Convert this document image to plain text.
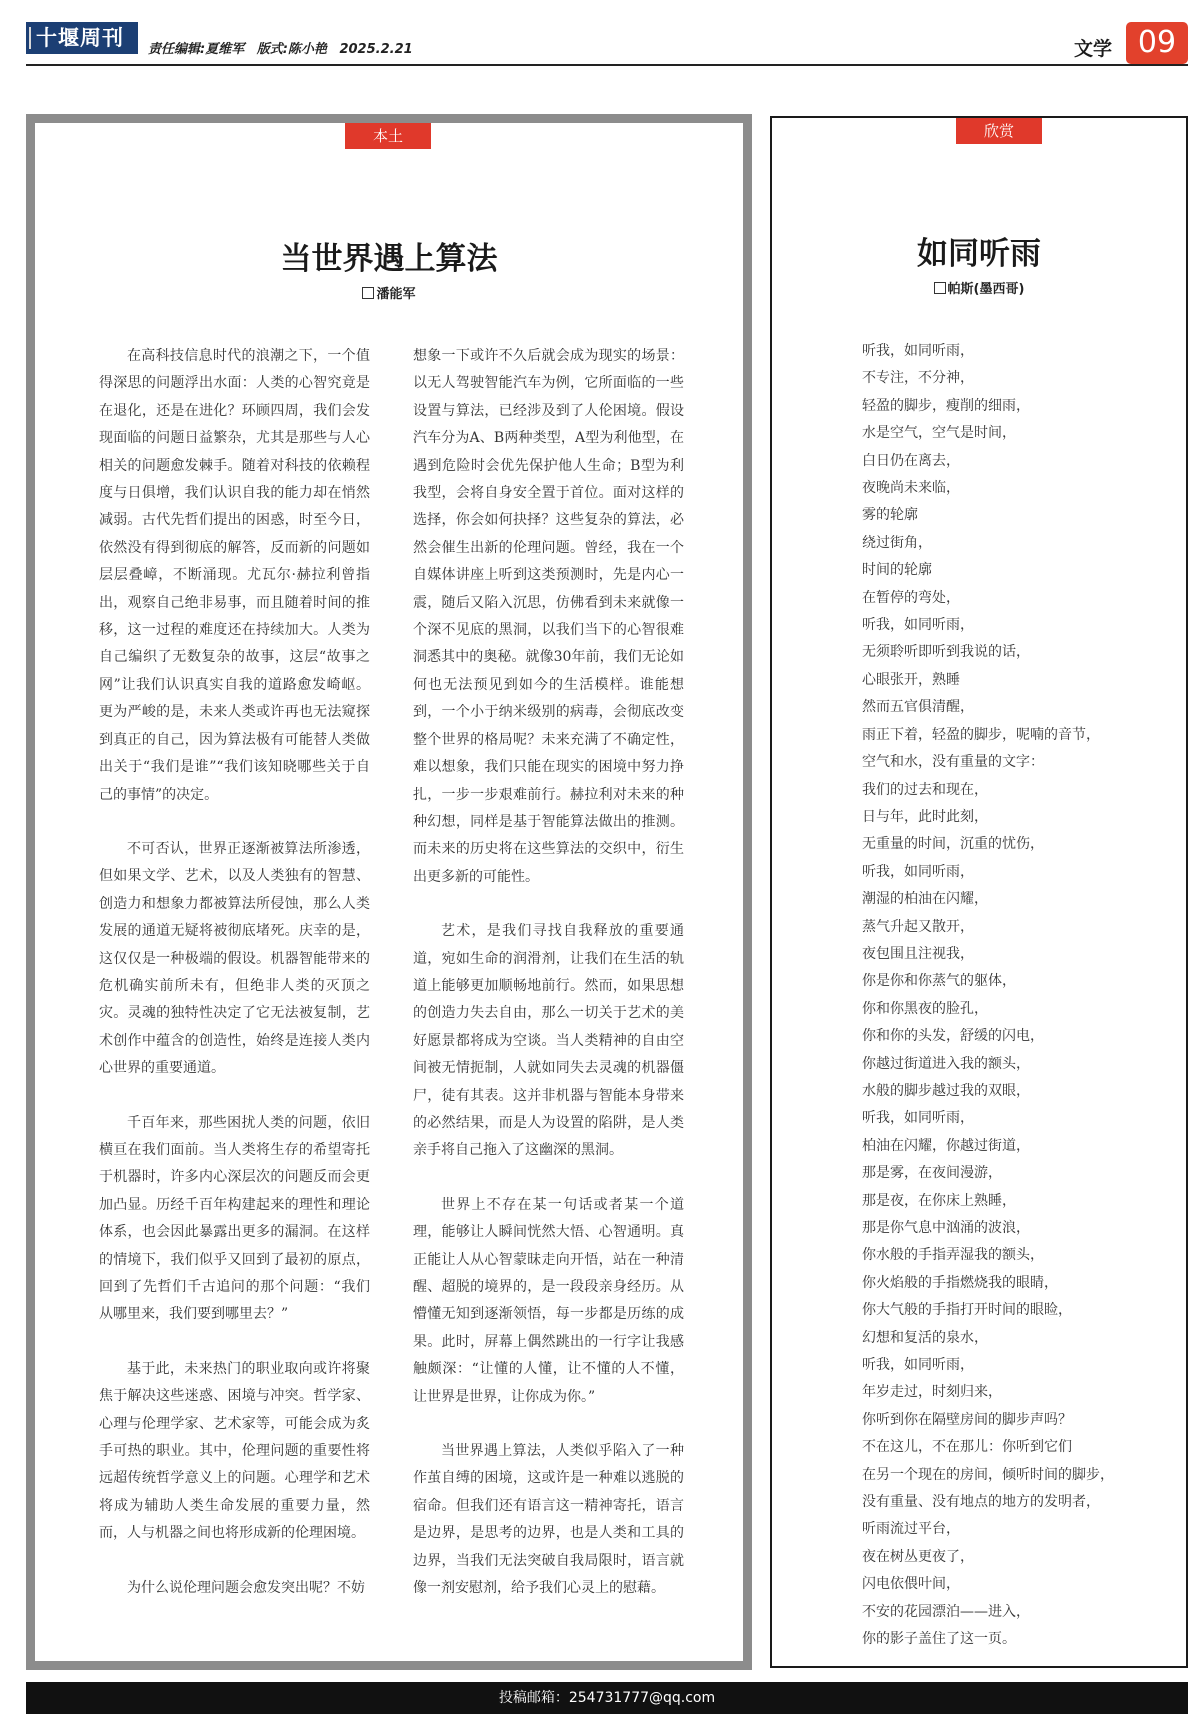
十堰周刊	责任编辑:夏维军 版式:陈小艳 2025.2.21	文学 09
本土
当世界遇上算法
潘能军

在高科技信息时代的浪潮之下，一个值得深思的问题浮出水面：人类的心智究竟是在退化，还是在进化？环顾四周，我们会发现面临的问题日益繁杂，尤其是那些与人心相关的问题愈发棘手。随着对科技的依赖程度与日俱增，我们认识自我的能力却在悄然减弱。古代先哲们提出的困惑，时至今日，依然没有得到彻底的解答，反而新的问题如层层叠嶂，不断涌现。尤瓦尔·赫拉利曾指出，观察自己绝非易事，而且随着时间的推移，这一过程的难度还在持续加大。人类为自己编织了无数复杂的故事，这层“故事之网”让我们认识真实自我的道路愈发崎岖。更为严峻的是，未来人类或许再也无法窥探到真正的自己，因为算法极有可能替人类做出关于“我们是谁”“我们该知晓哪些关于自己的事情”的决定。

不可否认，世界正逐渐被算法所渗透，但如果文学、艺术，以及人类独有的智慧、创造力和想象力都被算法所侵蚀，那么人类发展的通道无疑将被彻底堵死。庆幸的是，这仅仅是一种极端的假设。机器智能带来的危机确实前所未有，但绝非人类的灭顶之灾。灵魂的独特性决定了它无法被复制，艺术创作中蕴含的创造性，始终是连接人类内心世界的重要通道。

千百年来，那些困扰人类的问题，依旧横亘在我们面前。当人类将生存的希望寄托于机器时，许多内心深层次的问题反而会更加凸显。历经千百年构建起来的理性和理论体系，也会因此暴露出更多的漏洞。在这样的情境下，我们似乎又回到了最初的原点，回到了先哲们千古追问的那个问题：“我们从哪里来，我们要到哪里去？”

基于此，未来热门的职业取向或许将聚焦于解决这些迷惑、困境与冲突。哲学家、心理与伦理学家、艺术家等，可能会成为炙手可热的职业。其中，伦理问题的重要性将远超传统哲学意义上的问题。心理学和艺术将成为辅助人类生命发展的重要力量，然而，人与机器之间也将形成新的伦理困境。

为什么说伦理问题会愈发突出呢？不妨

想象一下或许不久后就会成为现实的场景：以无人驾驶智能汽车为例，它所面临的一些设置与算法，已经涉及到了人伦困境。假设汽车分为A、B两种类型，A型为利他型，在遇到危险时会优先保护他人生命；B型为利我型，会将自身安全置于首位。面对这样的选择，你会如何抉择？这些复杂的算法，必然会催生出新的伦理问题。曾经，我在一个自媒体讲座上听到这类预测时，先是内心一震，随后又陷入沉思，仿佛看到未来就像一个深不见底的黑洞，以我们当下的心智很难洞悉其中的奥秘。就像30年前，我们无论如何也无法预见到如今的生活模样。谁能想到，一个小于纳米级别的病毒，会彻底改变整个世界的格局呢？未来充满了不确定性，难以想象，我们只能在现实的困境中努力挣扎，一步一步艰难前行。赫拉利对未来的种种幻想，同样是基于智能算法做出的推测。而未来的历史将在这些算法的交织中，衍生出更多新的可能性。

艺术，是我们寻找自我释放的重要通道，宛如生命的润滑剂，让我们在生活的轨道上能够更加顺畅地前行。然而，如果思想的创造力失去自由，那么一切关于艺术的美好愿景都将成为空谈。当人类精神的自由空间被无情扼制，人就如同失去灵魂的机器僵尸，徒有其表。这并非机器与智能本身带来的必然结果，而是人为设置的陷阱，是人类亲手将自己拖入了这幽深的黑洞。

世界上不存在某一句话或者某一个道理，能够让人瞬间恍然大悟、心智通明。真正能让人从心智蒙昧走向开悟，站在一种清醒、超脱的境界的，是一段段亲身经历。从懵懂无知到逐渐领悟，每一步都是历练的成果。此时，屏幕上偶然跳出的一行字让我感触颇深：“让懂的人懂，让不懂的人不懂，让世界是世界，让你成为你。”

当世界遇上算法，人类似乎陷入了一种作茧自缚的困境，这或许是一种难以逃脱的宿命。但我们还有语言这一精神寄托，语言是边界，是思考的边界，也是人类和工具的边界，当我们无法突破自我局限时，语言就像一剂安慰剂，给予我们心灵上的慰藉。

欣赏
如同听雨
帕斯(墨西哥)
听我，如同听雨，
不专注，不分神，
轻盈的脚步，瘦削的细雨，
水是空气，空气是时间，
白日仍在离去，
夜晚尚未来临，
雾的轮廓
绕过街角，
时间的轮廓
在暂停的弯处，
听我，如同听雨，
无须聆听即听到我说的话，
心眼张开，熟睡
然而五官俱清醒，
雨正下着，轻盈的脚步，呢喃的音节，
空气和水，没有重量的文字：
我们的过去和现在，
日与年，此时此刻，
无重量的时间，沉重的忧伤，
听我，如同听雨，
潮湿的柏油在闪耀，
蒸气升起又散开，
夜包围且注视我，
你是你和你蒸气的躯体，
你和你黑夜的脸孔，
你和你的头发，舒缓的闪电，
你越过街道进入我的额头，
水般的脚步越过我的双眼，
听我，如同听雨，
柏油在闪耀，你越过街道，
那是雾，在夜间漫游，
那是夜，在你床上熟睡，
那是你气息中汹涌的波浪，
你水般的手指弄湿我的额头，
你火焰般的手指燃烧我的眼睛，
你大气般的手指打开时间的眼睑，
幻想和复活的泉水，
听我，如同听雨，
年岁走过，时刻归来，
你听到你在隔壁房间的脚步声吗？
不在这儿，不在那儿：你听到它们
在另一个现在的房间，倾听时间的脚步，
没有重量、没有地点的地方的发明者，
听雨流过平台，
夜在树丛更夜了，
闪电依偎叶间，
不安的花园漂泊——进入，
你的影子盖住了这一页。
投稿邮箱：254731777@qq.com
